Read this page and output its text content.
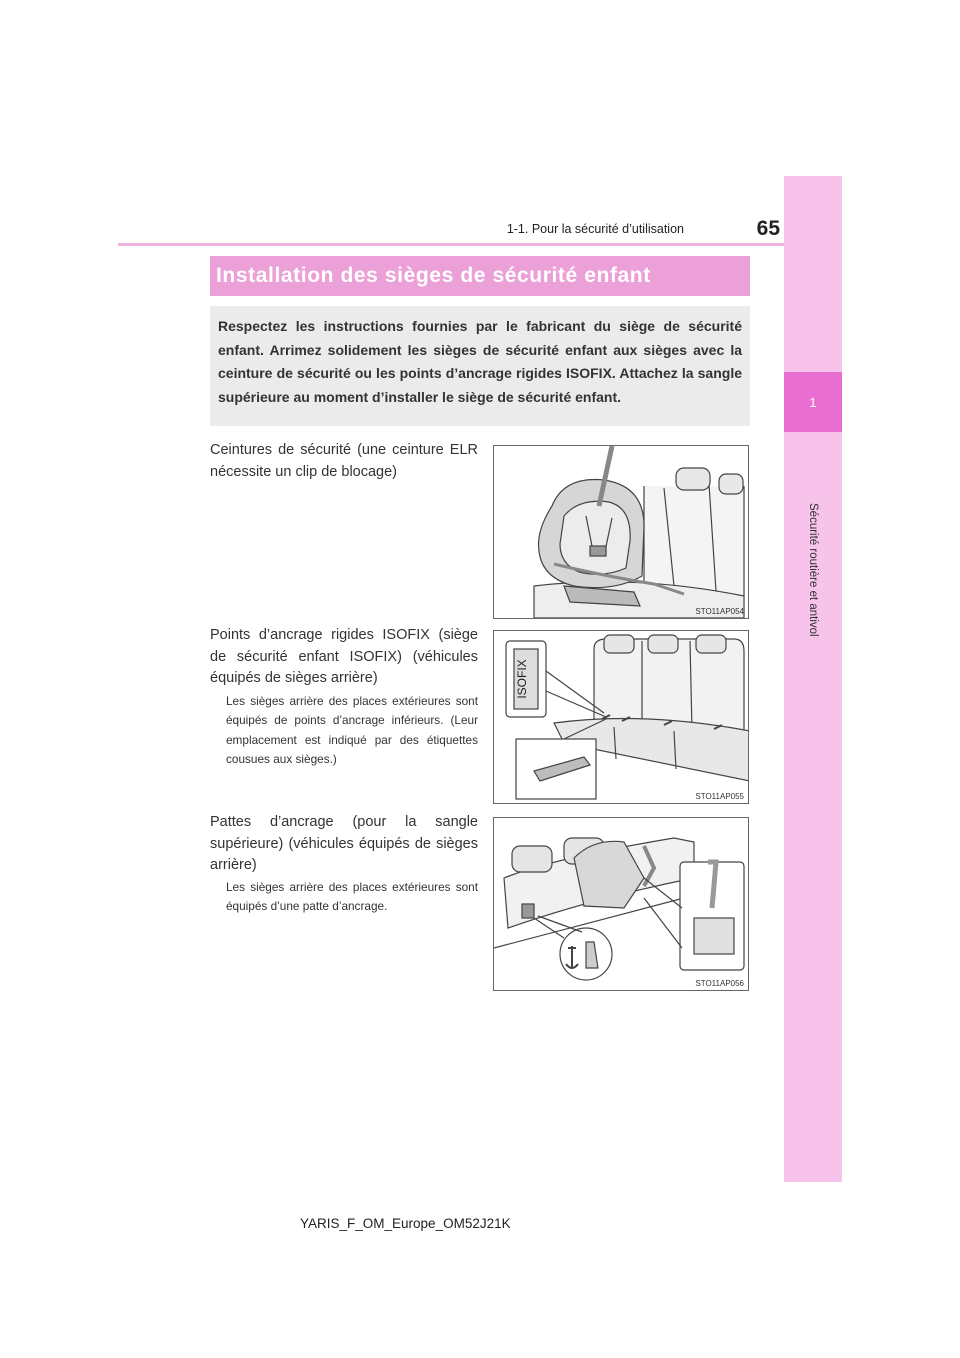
1
Sécurité routière et antivol
1-1. Pour la sécurité d’utilisation	65
Installation des sièges de sécurité enfant

Respectez les instructions fournies par le fabricant du siège de sécurité enfant. Arrimez solidement les sièges de sécurité enfant aux sièges avec la ceinture de sécurité ou les points d’ancrage rigides ISOFIX. Attachez la sangle supérieure au moment d’installer le siège de sécurité enfant.

Ceintures de sécurité (une ceinture ELR nécessite un clip de blocage)

STO11AP054

Points d’ancrage rigides ISOFIX (siège de sécurité enfant ISOFIX) (véhicules équipés de sièges arrière)

Les sièges arrière des places extérieures sont équipés de points d’ancrage inférieurs. (Leur emplacement est indiqué par des étiquettes cousues aux sièges.)

ISOFIX
STO11AP055

Pattes d’ancrage (pour la sangle supérieure) (véhicules équipés de sièges arrière)

Les sièges arrière des places extérieures sont équipés d’une patte d’ancrage.

STO11AP056
YARIS_F_OM_Europe_OM52J21K
